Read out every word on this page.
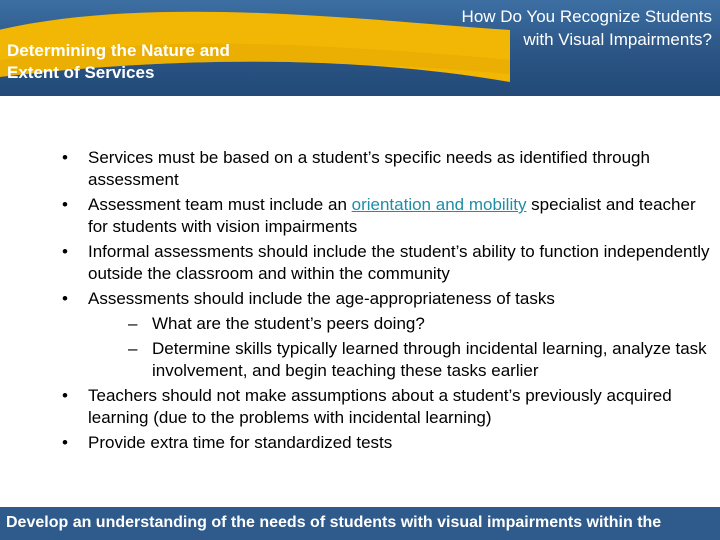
Determining the Nature and Extent of Services
How Do You Recognize Students with Visual Impairments?
• Services must be based on a student’s specific needs as identified through assessment
• Assessment team must include an orientation and mobility specialist and teacher for students with vision impairments
• Informal assessments should include the student’s ability to function independently outside the classroom and within the community
• Assessments should include the age-appropriateness of tasks
– What are the student’s peers doing?
– Determine skills typically learned through incidental learning, analyze task involvement, and begin teaching these tasks earlier
• Teachers should not make assumptions about a student’s previously acquired learning (due to the problems with incidental learning)
• Provide extra time for standardized tests

Develop an understanding of the needs of students with visual impairments within the
